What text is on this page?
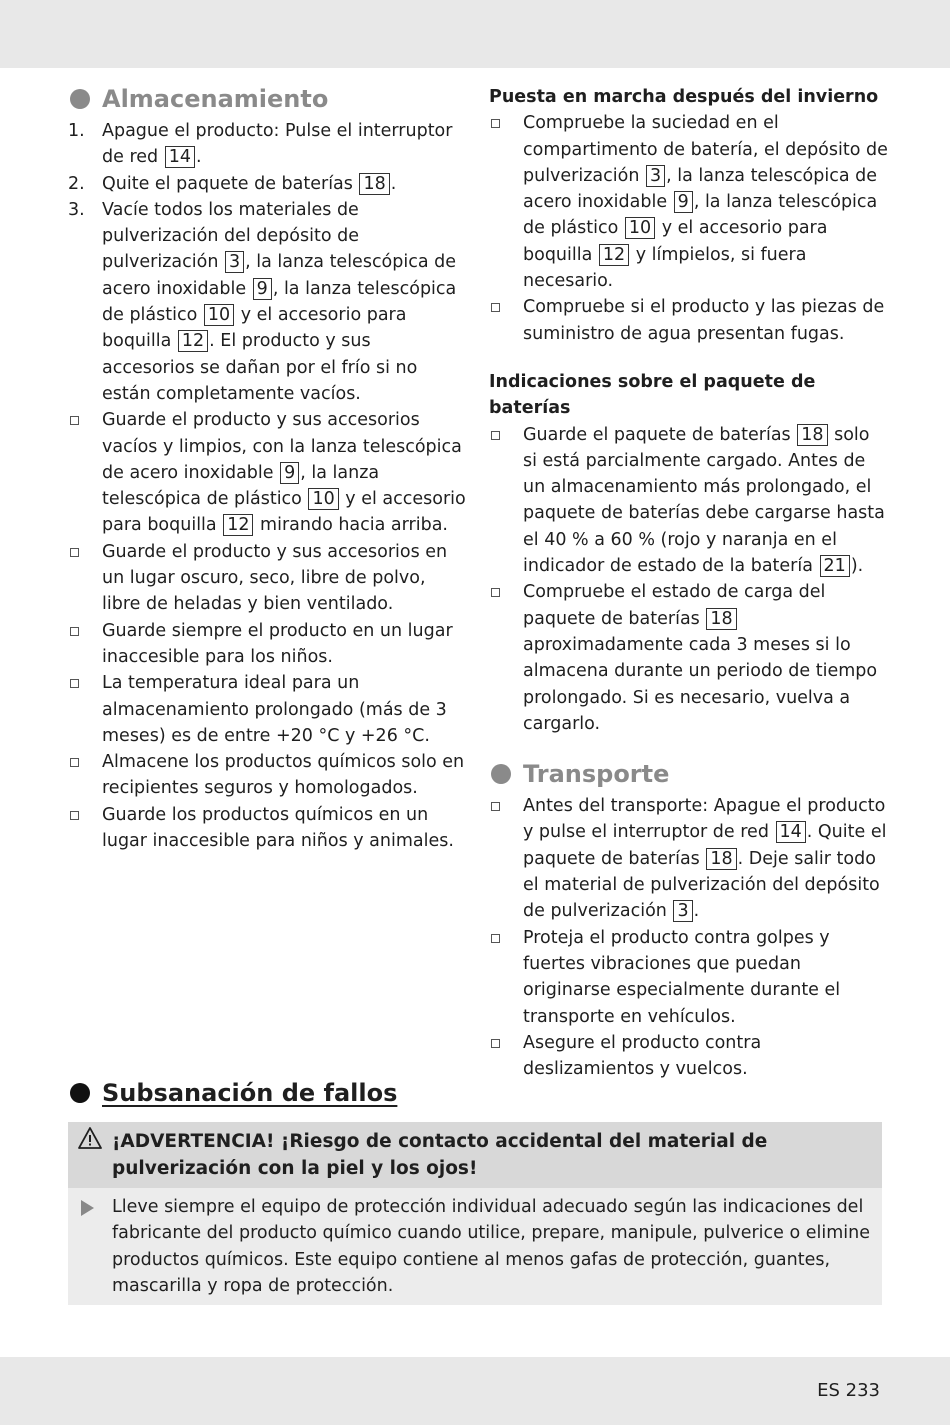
Almacenamiento
1. Apague el producto: Pulse el interruptor de red 14 .
2. Quite el paquete de baterías 18 .
3. Vacíe todos los materiales de pulverización del depósito de pulverización 3 , la lanza telescópica de acero inoxidable 9 , la lanza telescópica de plástico 10 y el accesorio para boquilla 12 . El producto y sus accesorios se dañan por el frío si no están completamente vacíos.
Guarde el producto y sus accesorios vacíos y limpios, con la lanza telescópica de acero inoxidable 9 , la lanza telescópica de plástico 10 y el accesorio para boquilla 12 mirando hacia arriba.
Guarde el producto y sus accesorios en un lugar oscuro, seco, libre de polvo, libre de heladas y bien ventilado.
Guarde siempre el producto en un lugar inaccesible para los niños.
La temperatura ideal para un almacenamiento prolongado (más de 3 meses) es de entre +20 °C y +26 °C.
Almacene los productos químicos solo en recipientes seguros y homologados.
Guarde los productos químicos en un lugar inaccesible para niños y animales.
Puesta en marcha después del invierno
Compruebe la suciedad en el compartimento de batería, el depósito de pulverización 3 , la lanza telescópica de acero inoxidable 9 , la lanza telescópica de plástico 10 y el accesorio para boquilla 12 y límpielos, si fuera necesario.
Compruebe si el producto y las piezas de suministro de agua presentan fugas.
Indicaciones sobre el paquete de baterías
Guarde el paquete de baterías 18 solo si está parcialmente cargado. Antes de un almacenamiento más prolongado, el paquete de baterías debe cargarse hasta el 40 % a 60 % (rojo y naranja en el indicador de estado de la batería 21 ).
Compruebe el estado de carga del paquete de baterías 18 aproximadamente cada 3 meses si lo almacena durante un periodo de tiempo prolongado. Si es necesario, vuelva a cargarlo.
Transporte
Antes del transporte: Apague el producto y pulse el interruptor de red 14 . Quite el paquete de baterías 18 . Deje salir todo el material de pulverización del depósito de pulverización 3 .
Proteja el producto contra golpes y fuertes vibraciones que puedan originarse especialmente durante el transporte en vehículos.
Asegure el producto contra deslizamientos y vuelcos.
Subsanación de fallos
¡ADVERTENCIA! ¡Riesgo de contacto accidental del material de pulverización con la piel y los ojos!
Lleve siempre el equipo de protección individual adecuado según las indicaciones del fabricante del producto químico cuando utilice, prepare, manipule, pulverice o elimine productos químicos. Este equipo contiene al menos gafas de protección, guantes, mascarilla y ropa de protección.
ES 233
